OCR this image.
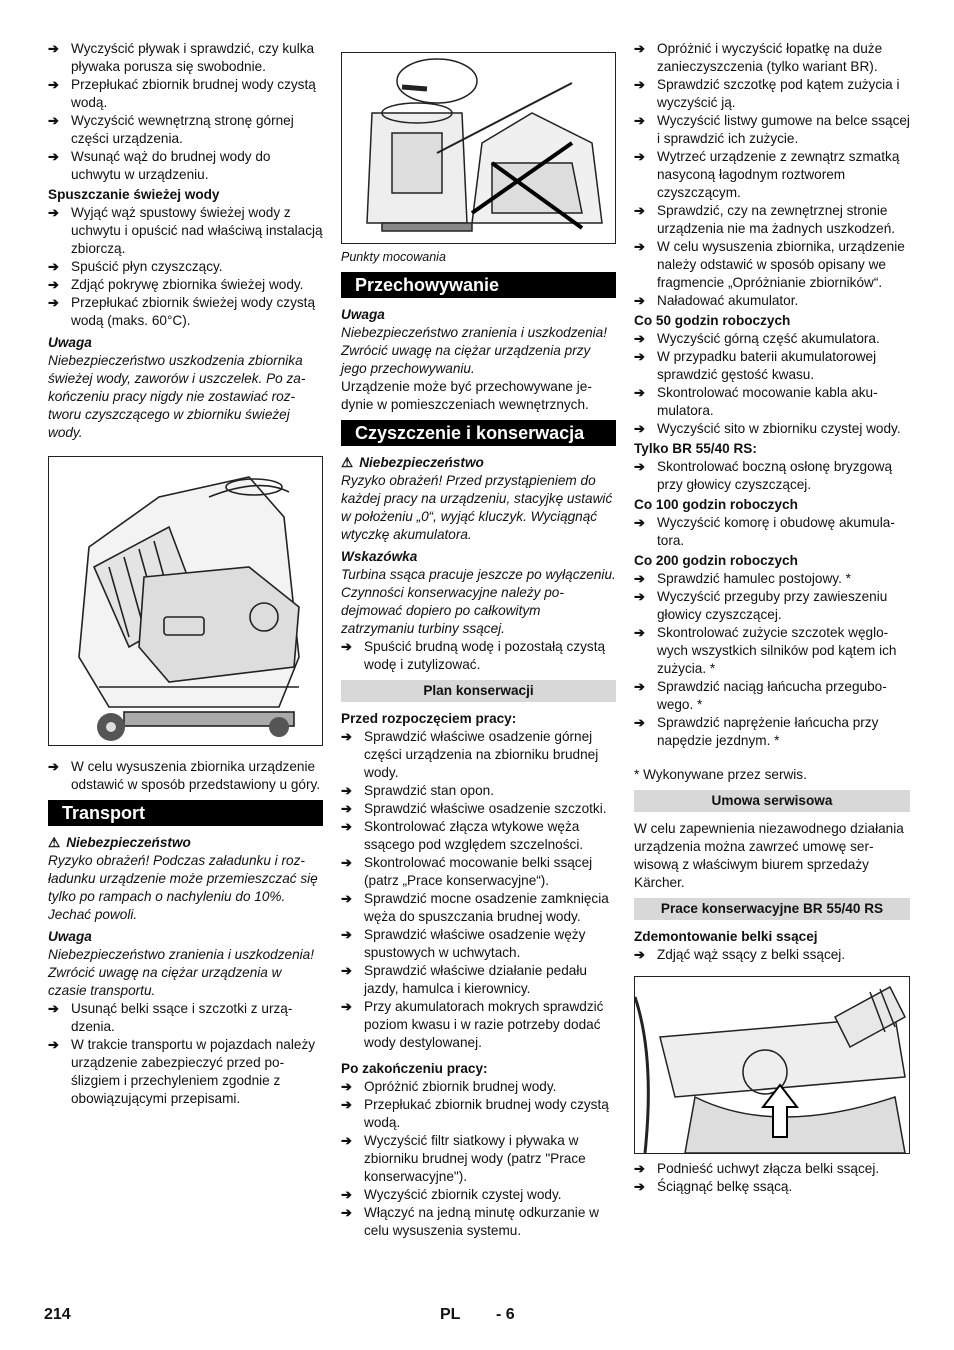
➔ Wyczyścić pływak i sprawdzić, czy kulka pływaka porusza się swobodnie.
➔ Przepłukać zbiornik brudnej wody czystą wodą.
➔ Wyczyścić wewnętrzną stronę górnej części urządzenia.
➔ Wsunąć wąż do brudnej wody do uchwytu w urządzeniu.
Spuszczanie świeżej wody
➔ Wyjąć wąż spustowy świeżej wody z uchwytu i opuścić nad właściwą instalacją zbiorczą.
➔ Spuścić płyn czyszczący.
➔ Zdjąć pokrywę zbiornika świeżej wody.
➔ Przepłukać zbiornik świeżej wody czystą wodą (maks. 60°C).
Uwaga
Niebezpieczeństwo uszkodzenia zbiornika świeżej wody, zaworów i uszczelek. Po zakończeniu pracy nigdy nie zostawiać roztworu czyszczącego w zbiorniku świeżej wody.
➔ W celu wysuszenia zbiornika urządzenie odstawić w sposób przedstawiony u góry.
Transport
⚠ Niebezpieczeństwo
Ryzyko obrażeń! Podczas załadunku i rozładunku urządzenie może przemieszczać się tylko po rampach o nachyleniu do 10%. Jechać powoli.
Uwaga
Niebezpieczeństwo zranienia i uszkodzenia! Zwrócić uwagę na ciężar urządzenia w czasie transportu.
➔ Usunąć belki ssące i szczotki z urządzenia.
➔ W trakcie transportu w pojazdach należy urządzenie zabezpieczyć przed poślizgiem i przechyleniem zgodnie z obowiązującymi przepisami.
Punkty mocowania
Przechowywanie
Uwaga
Niebezpieczeństwo zranienia i uszkodzenia! Zwrócić uwagę na ciężar urządzenia przy jego przechowywaniu.
Urządzenie może być przechowywane jedynie w pomieszczeniach wewnętrznych.
Czyszczenie i konserwacja
⚠ Niebezpieczeństwo
Ryzyko obrażeń! Przed przystąpieniem do każdej pracy na urządzeniu, stacyjkę ustawić w położeniu „0“, wyjąć kluczyk. Wyciągnąć wtyczkę akumulatora.
Wskazówka
Turbina ssąca pracuje jeszcze po wyłączeniu. Czynności konserwacyjne należy podejmować dopiero po całkowitym zatrzymaniu turbiny ssącej.
➔ Spuścić brudną wodę i pozostałą czystą wodę i zutylizować.
Plan konserwacji
Przed rozpoczęciem pracy:
➔ Sprawdzić właściwe osadzenie górnej części urządzenia na zbiorniku brudnej wody.
➔ Sprawdzić stan opon.
➔ Sprawdzić właściwe osadzenie szczotki.
➔ Skontrolować złącza wtykowe węża ssącego pod względem szczelności.
➔ Skontrolować mocowanie belki ssącej (patrz „Prace konserwacyjne“).
➔ Sprawdzić mocne osadzenie zamknięcia węża do spuszczania brudnej wody.
➔ Sprawdzić właściwe osadzenie węży spustowych w uchwytach.
➔ Sprawdzić właściwe działanie pedału jazdy, hamulca i kierownicy.
➔ Przy akumulatorach mokrych sprawdzić poziom kwasu i w razie potrzeby dodać wody destylowanej.
Po zakończeniu pracy:
➔ Opróżnić zbiornik brudnej wody.
➔ Przepłukać zbiornik brudnej wody czystą wodą.
➔ Wyczyścić filtr siatkowy i pływaka w zbiorniku brudnej wody (patrz "Prace konserwacyjne").
➔ Wyczyścić zbiornik czystej wody.
➔ Włączyć na jedną minutę odkurzanie w celu wysuszenia systemu.
➔ Opróżnić i wyczyścić łopatkę na duże zanieczyszczenia (tylko wariant BR).
➔ Sprawdzić szczotkę pod kątem zużycia i wyczyścić ją.
➔ Wyczyścić listwy gumowe na belce ssącej i sprawdzić ich zużycie.
➔ Wytrzeć urządzenie z zewnątrz szmatką nasyconą łagodnym roztworem czyszczącym.
➔ Sprawdzić, czy na zewnętrznej stronie urządzenia nie ma żadnych uszkodzeń.
➔ W celu wysuszenia zbiornika, urządzenie należy odstawić w sposób opisany we fragmencie „Opróżnianie zbiorników“.
➔ Naładować akumulator.
Co 50 godzin roboczych
➔ Wyczyścić górną część akumulatora.
➔ W przypadku baterii akumulatorowej sprawdzić gęstość kwasu.
➔ Skontrolować mocowanie kabla akumulatora.
➔ Wyczyścić sito w zbiorniku czystej wody.
Tylko BR 55/40 RS:
➔ Skontrolować boczną osłonę bryzgową przy głowicy czyszczącej.
Co 100 godzin roboczych
➔ Wyczyścić komorę i obudowę akumulatora.
Co 200 godzin roboczych
➔ Sprawdzić hamulec postojowy. *
➔ Wyczyścić przeguby przy zawieszeniu głowicy czyszczącej.
➔ Skontrolować zużycie szczotek węglowych wszystkich silników pod kątem ich zużycia. *
➔ Sprawdzić naciąg łańcucha przegubowego. *
➔ Sprawdzić naprężenie łańcucha przy napędzie jezdnym. *
* Wykonywane przez serwis.
Umowa serwisowa
W celu zapewnienia niezawodnego działania urządzenia można zawrzeć umowę serwisową z właściwym biurem sprzedaży Kärcher.
Prace konserwacyjne BR 55/40 RS
Zdemontowanie belki ssącej
➔ Zdjąć wąż ssący z belki ssącej.
➔ Podnieść uchwyt złącza belki ssącej.
➔ Ściągnąć belkę ssącą.
214	PL - 6
